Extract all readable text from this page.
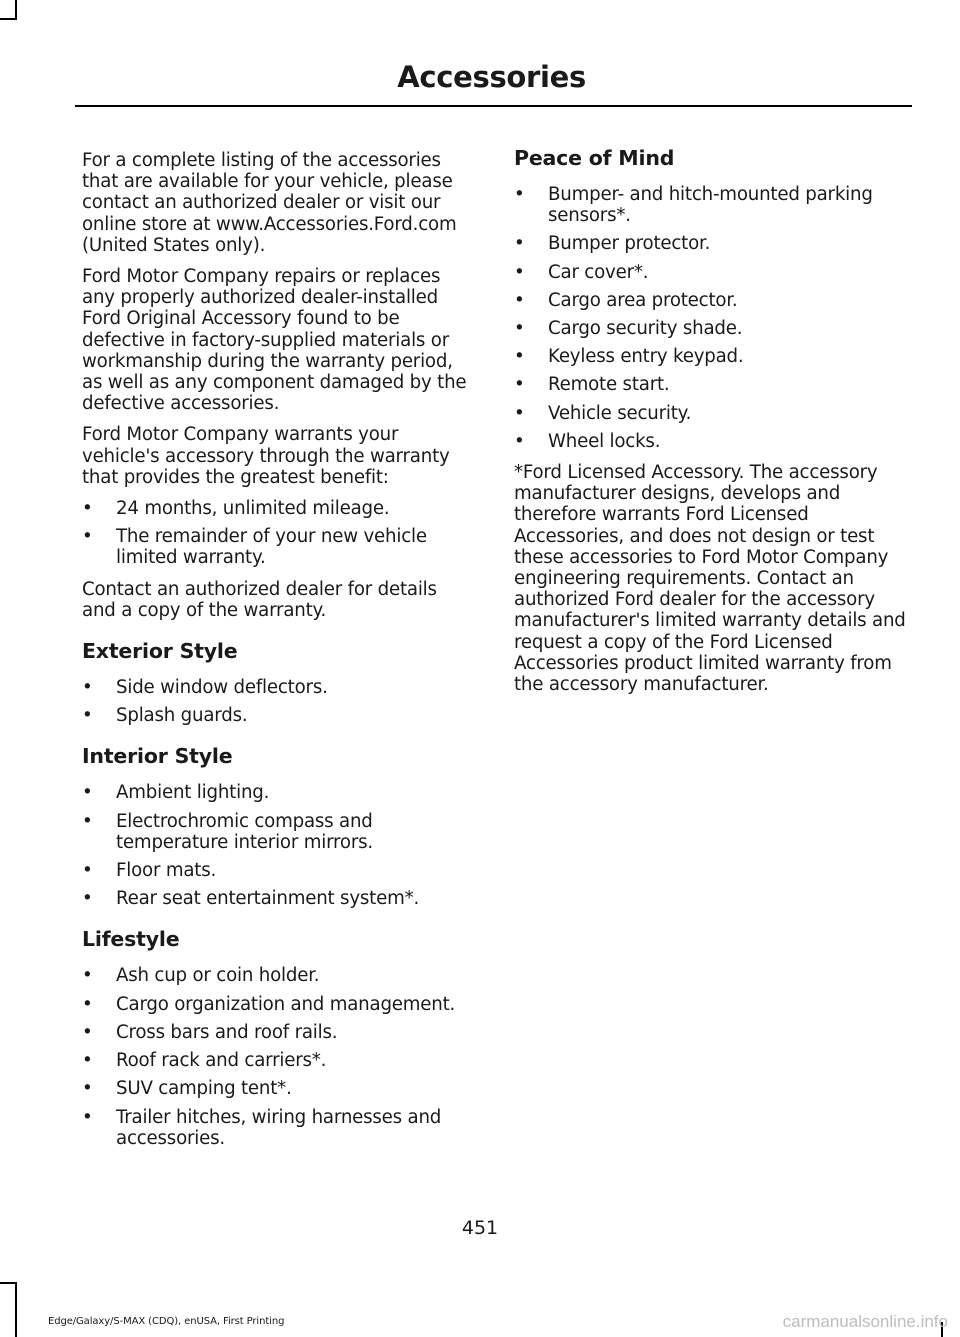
Accessories

For a complete listing of the accessories that are available for your vehicle, please contact an authorized dealer or visit our online store at www.Accessories.Ford.com (United States only).

Ford Motor Company repairs or replaces any properly authorized dealer-installed Ford Original Accessory found to be defective in factory-supplied materials or workmanship during the warranty period, as well as any component damaged by the defective accessories.

Ford Motor Company warrants your vehicle's accessory through the warranty that provides the greatest benefit:

• 24 months, unlimited mileage.
• The remainder of your new vehicle limited warranty.

Contact an authorized dealer for details and a copy of the warranty.

Exterior Style
• Side window deflectors.
• Splash guards.
Interior Style
• Ambient lighting.
• Electrochromic compass and temperature interior mirrors.
• Floor mats.
• Rear seat entertainment system*.
Lifestyle
• Ash cup or coin holder.
• Cargo organization and management.
• Cross bars and roof rails.
• Roof rack and carriers*.
• SUV camping tent*.
• Trailer hitches, wiring harnesses and accessories.
Peace of Mind
• Bumper- and hitch-mounted parking sensors*.
• Bumper protector.
• Car cover*.
• Cargo area protector.
• Cargo security shade.
• Keyless entry keypad.
• Remote start.
• Vehicle security.
• Wheel locks.

*Ford Licensed Accessory. The accessory manufacturer designs, develops and therefore warrants Ford Licensed Accessories, and does not design or test these accessories to Ford Motor Company engineering requirements. Contact an authorized Ford dealer for the accessory manufacturer's limited warranty details and request a copy of the Ford Licensed Accessories product limited warranty from the accessory manufacturer.

451
Edge/Galaxy/S-MAX (CDQ), enUSA, First Printing	carmanualsonline.info
